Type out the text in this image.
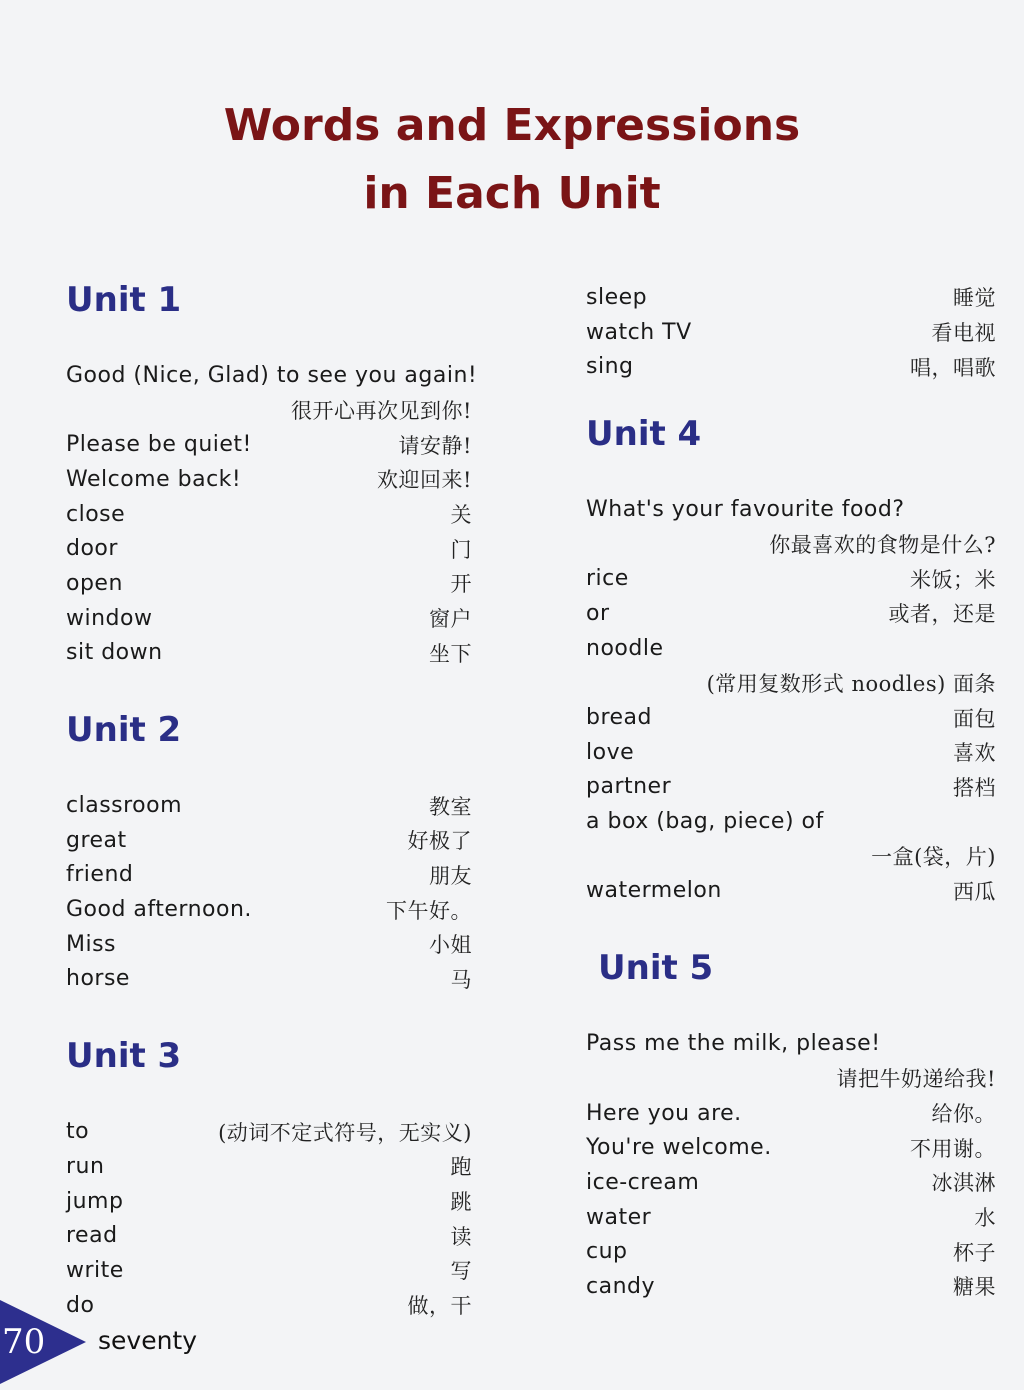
Words and Expressions
in Each Unit
Unit 1
Good (Nice, Glad) to see you again!
很开心再次见到你!
Please be quiet!	请安静!
Welcome back!	欢迎回来!
close	关
door	门
open	开
window	窗户
sit down	坐下
Unit 2
classroom	教室
great	好极了
friend	朋友
Good afternoon.	下午好。
Miss	小姐
horse	马
Unit 3
to	(动词不定式符号，无实义)
run	跑
jump	跳
read	读
write	写
do	做，干
sleep	睡觉
watch TV	看电视
sing	唱，唱歌
Unit 4
What's your favourite food?
你最喜欢的食物是什么?
rice	米饭；米
or	或者，还是
noodle
(常用复数形式 noodles) 面条
bread	面包
love	喜欢
partner	搭档
a box (bag, piece) of
一盒(袋，片)
watermelon	西瓜
Unit 5
Pass me the milk, please!
请把牛奶递给我!
Here you are.	给你。
You're welcome.	不用谢。
ice-cream	冰淇淋
water	水
cup	杯子
candy	糖果
70 seventy
